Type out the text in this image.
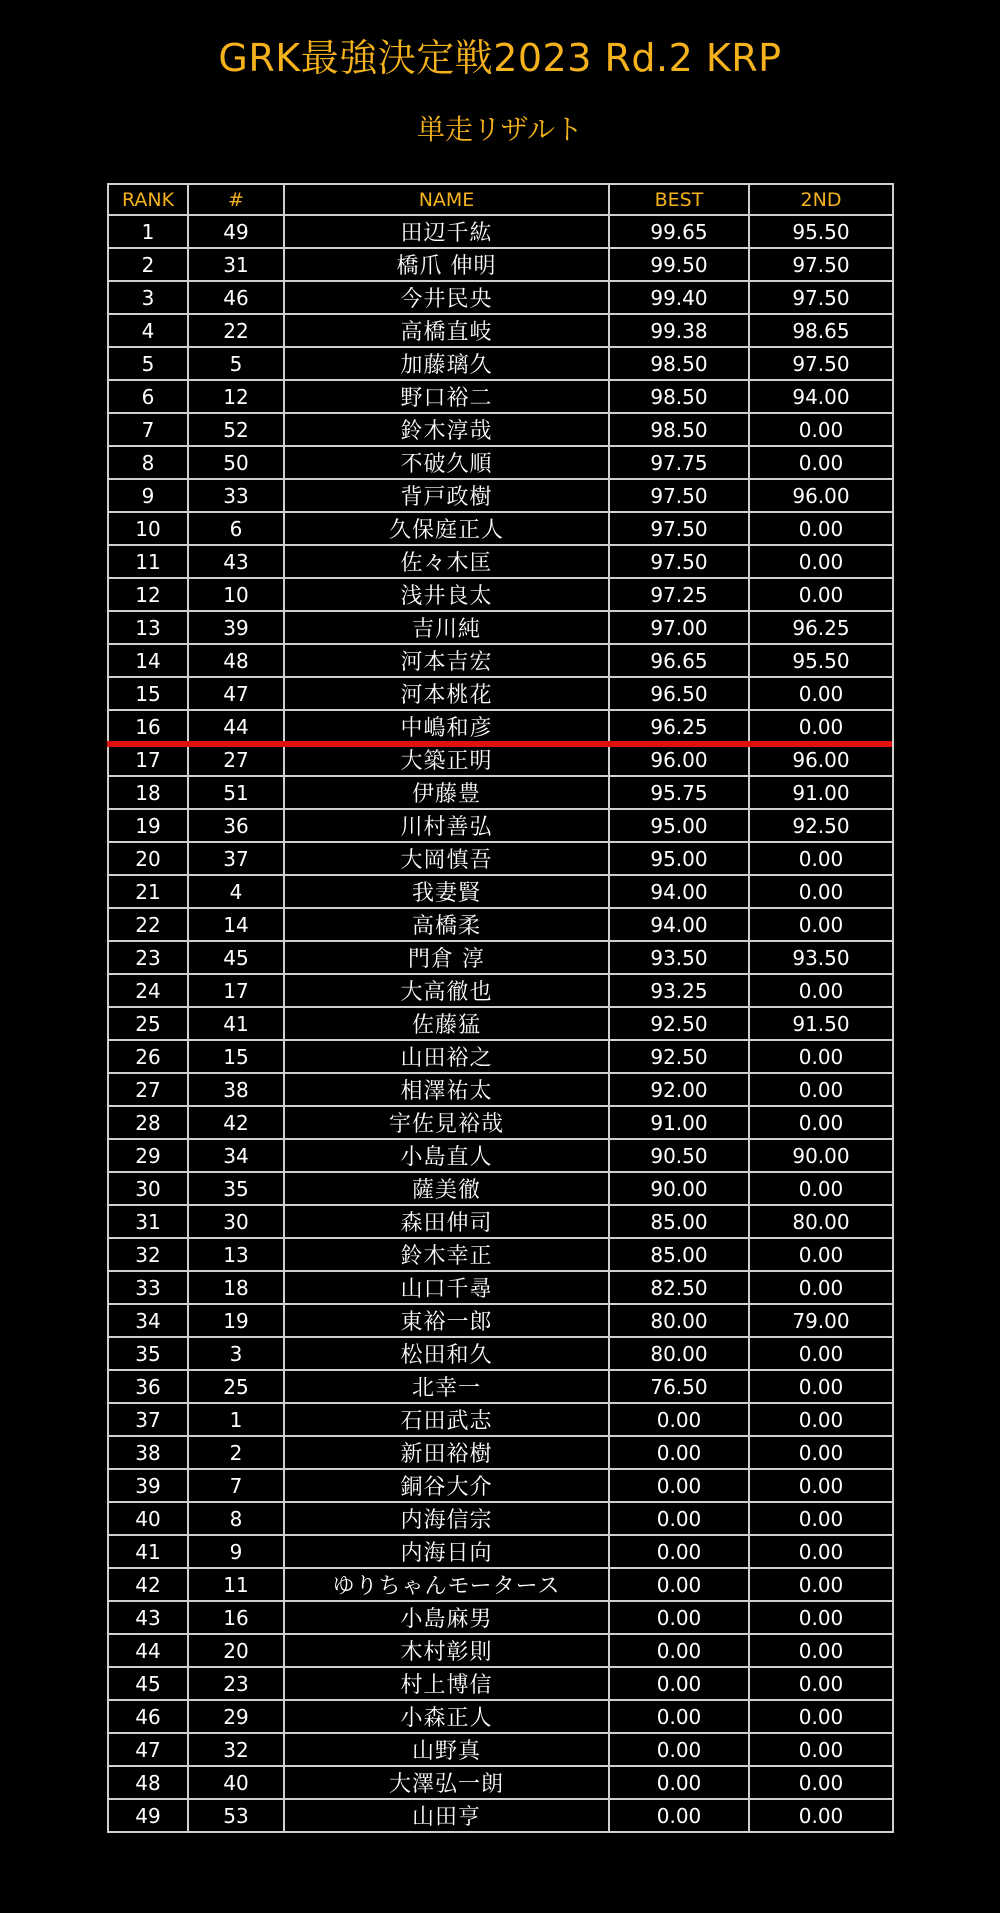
GRK最強決定戦2023 Rd.2 KRP
単走リザルト
RANK	#	NAME	BEST	2ND
1	49	田辺千紘	99.65	95.50
2	31	橋爪 伸明	99.50	97.50
3	46	今井民央	99.40	97.50
4	22	高橋直岐	99.38	98.65
5	5	加藤璃久	98.50	97.50
6	12	野口裕二	98.50	94.00
7	52	鈴木淳哉	98.50	0.00
8	50	不破久順	97.75	0.00
9	33	背戸政樹	97.50	96.00
10	6	久保庭正人	97.50	0.00
11	43	佐々木匡	97.50	0.00
12	10	浅井良太	97.25	0.00
13	39	吉川純	97.00	96.25
14	48	河本吉宏	96.65	95.50
15	47	河本桃花	96.50	0.00
16	44	中嶋和彦	96.25	0.00
17	27	大築正明	96.00	96.00
18	51	伊藤豊	95.75	91.00
19	36	川村善弘	95.00	92.50
20	37	大岡慎吾	95.00	0.00
21	4	我妻賢	94.00	0.00
22	14	高橋柔	94.00	0.00
23	45	門倉 淳	93.50	93.50
24	17	大高徹也	93.25	0.00
25	41	佐藤猛	92.50	91.50
26	15	山田裕之	92.50	0.00
27	38	相澤祐太	92.00	0.00
28	42	宇佐見裕哉	91.00	0.00
29	34	小島直人	90.50	90.00
30	35	薩美徹	90.00	0.00
31	30	森田伸司	85.00	80.00
32	13	鈴木幸正	85.00	0.00
33	18	山口千尋	82.50	0.00
34	19	東裕一郎	80.00	79.00
35	3	松田和久	80.00	0.00
36	25	北幸一	76.50	0.00
37	1	石田武志	0.00	0.00
38	2	新田裕樹	0.00	0.00
39	7	銅谷大介	0.00	0.00
40	8	内海信宗	0.00	0.00
41	9	内海日向	0.00	0.00
42	11	ゆりちゃんモータース	0.00	0.00
43	16	小島麻男	0.00	0.00
44	20	木村彰則	0.00	0.00
45	23	村上博信	0.00	0.00
46	29	小森正人	0.00	0.00
47	32	山野真	0.00	0.00
48	40	大澤弘一朗	0.00	0.00
49	53	山田亨	0.00	0.00
